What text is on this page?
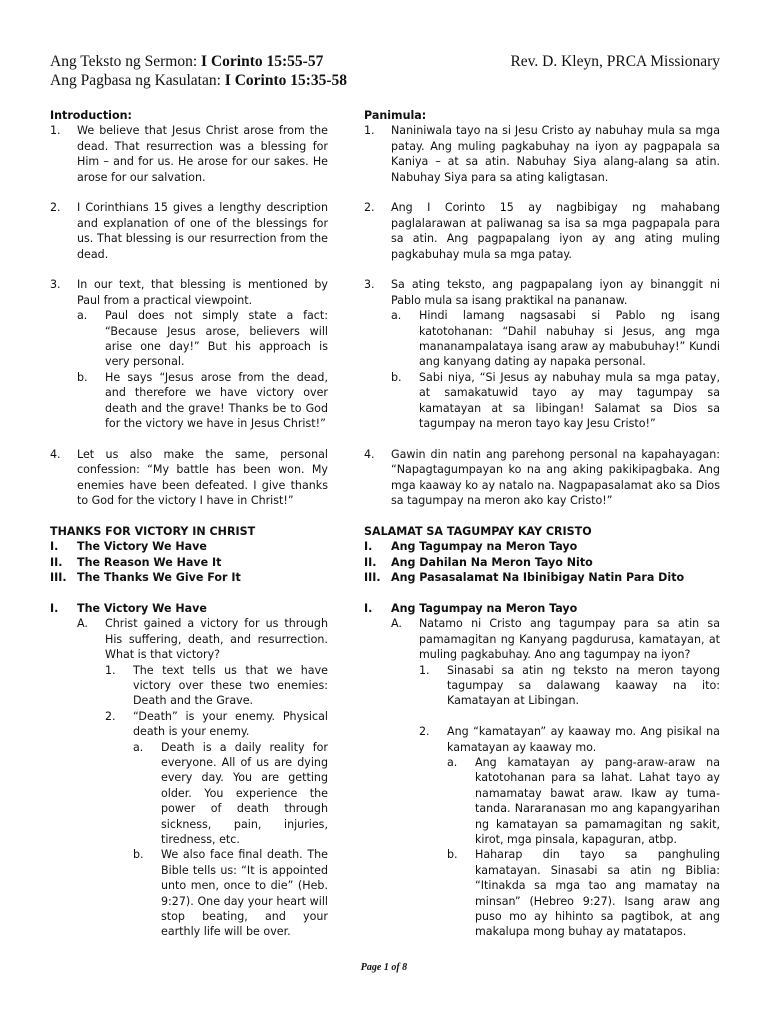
Ang Teksto ng Sermon: I Corinto 15:55-57	Rev. D. Kleyn, PRCA Missionary
Ang Pagbasa ng Kasulatan: I Corinto 15:35-58
Introduction:
1.	We believe that Jesus Christ arose from the dead. That resurrection was a blessing for Him – and for us. He arose for our sakes. He arose for our salvation.
2.	I Corinthians 15 gives a lengthy description and explanation of one of the blessings for us. That blessing is our resurrection from the dead.
3.	In our text, that blessing is mentioned by Paul from a practical viewpoint.
a.	Paul does not simply state a fact: “Because Jesus arose, believers will arise one day!” But his approach is very personal.
b.	He says “Jesus arose from the dead, and therefore we have victory over death and the grave! Thanks be to God for the victory we have in Jesus Christ!”
4.	Let us also make the same, personal confession: “My battle has been won. My enemies have been defeated. I give thanks to God for the victory I have in Christ!”
THANKS FOR VICTORY IN CHRIST
I.	The Victory We Have
II.	The Reason We Have It
III. The Thanks We Give For It
I.	The Victory We Have
A.	Christ gained a victory for us through His suffering, death, and resurrection. What is that victory?
1.	The text tells us that we have victory over these two enemies: Death and the Grave.
2.	“Death” is your enemy. Physical death is your enemy.
a.	Death is a daily reality for everyone. All of us are dying every day. You are getting older. You experience the power of death through sickness, pain, injuries, tiredness, etc.
b.	We also face final death. The Bible tells us: “It is appointed unto men, once to die” (Heb. 9:27). One day your heart will stop beating, and your earthly life will be over.
Panimula:
1.	Naniniwala tayo na si Jesu Cristo ay nabuhay mula sa mga patay. Ang muling pagkabuhay na iyon ay pagpapala sa Kaniya – at sa atin. Nabuhay Siya alang-alang sa atin. Nabuhay Siya para sa ating kaligtasan.
2.	Ang I Corinto 15 ay nagbibigay ng mahabang paglalarawan at paliwanag sa isa sa mga pagpapala para sa atin. Ang pagpapalang iyon ay ang ating muling pagkabuhay mula sa mga patay.
3.	Sa ating teksto, ang pagpapalang iyon ay binanggit ni Pablo mula sa isang praktikal na pananaw.
a.	Hindi lamang nagsasabi si Pablo ng isang katotohanan: “Dahil nabuhay si Jesus, ang mga mananampalataya isang araw ay mabubuhay!” Kundi ang kanyang dating ay napaka personal.
b.	Sabi niya, “Si Jesus ay nabuhay mula sa mga patay, at samakatuwid tayo ay may tagumpay sa kamatayan at sa libingan! Salamat sa Dios sa tagumpay na meron tayo kay Jesu Cristo!”
4.	Gawin din natin ang parehong personal na kapahayagan: “Napagtagumpayan ko na ang aking pakikipagbaka. Ang mga kaaway ko ay natalo na. Nagpapasalamat ako sa Dios sa tagumpay na meron ako kay Cristo!”
SALAMAT SA TAGUMPAY KAY CRISTO
I.	Ang Tagumpay na Meron Tayo
II.	Ang Dahilan Na Meron Tayo Nito
III. Ang Pasasalamat Na Ibinibigay Natin Para Dito
I.	Ang Tagumpay na Meron Tayo
A.	Natamo ni Cristo ang tagumpay para sa atin sa pamamagitan ng Kanyang pagdurusa, kamatayan, at muling pagkabuhay. Ano ang tagumpay na iyon?
1.	Sinasabi sa atin ng teksto na meron tayong tagumpay sa dalawang kaaway na ito: Kamatayan at Libingan.
2.	Ang “kamatayan” ay kaaway mo. Ang pisikal na kamatayan ay kaaway mo.
a.	Ang kamatayan ay pang-araw-araw na katotohanan para sa lahat. Lahat tayo ay namamatay bawat araw. Ikaw ay tuma-tanda. Nararanasan mo ang kapangyarihan ng kamatayan sa pamamagitan ng sakit, kirot, mga pinsala, kapaguran, atbp.
b.	Haharap din tayo sa panghuling kamatayan. Sinasabi sa atin ng Biblia: “Itinakda sa mga tao ang mamatay na minsan” (Hebreo 9:27). Isang araw ang puso mo ay hihinto sa pagtibok, at ang makalupa mong buhay ay matatapos.
Page 1 of 8
